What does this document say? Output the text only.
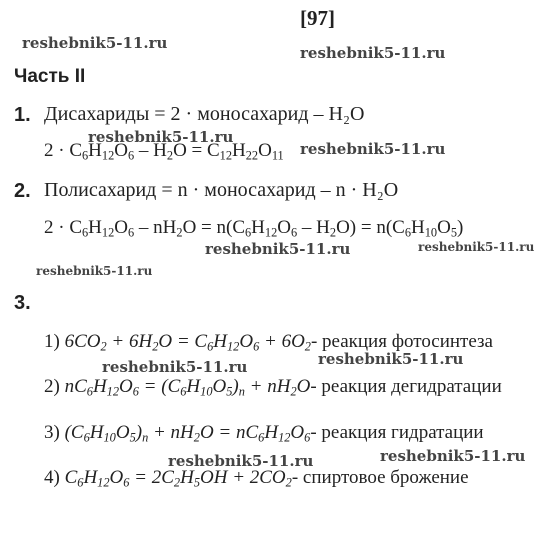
[97]
reshebnik5-11.ru
reshebnik5-11.ru
reshebnik5-11.ru
reshebnik5-11.ru
reshebnik5-11.ru	reshebnik5-11.ru
reshebnik5-11.ru
reshebnik5-11.ru	reshebnik5-11.ru
reshebnik5-11.ru	reshebnik5-11.ru
Часть II
1. Дисахариды = 2 · моносахарид – H₂O
$2 \cdot C_6H_{12}O_6 - H_2O = C_{12}H_{22}O_{11}$
2. Полисахарид = n · моносахарид – n · H₂O
$2 \cdot C_6H_{12}O_6 - nH_2O = n(C_6H_{12}O_6 - H_2O) = n(C_6H_{10}O_5)$
3.
1) $6CO_2 + 6H_2O = C_6H_{12}O_6 + 6O_2-$ реакция фотосинтеза
2) $nC_6H_{12}O_6 = (C_6H_{10}O_5)_n + nH_2O-$ реакция дегидратации
3) $(C_6H_{10}O_5)_n + nH_2O = nC_6H_{12}O_6-$ реакция гидратации
4) $C_6H_{12}O_6 = 2C_2H_5OH + 2CO_2-$ спиртовое брожение
